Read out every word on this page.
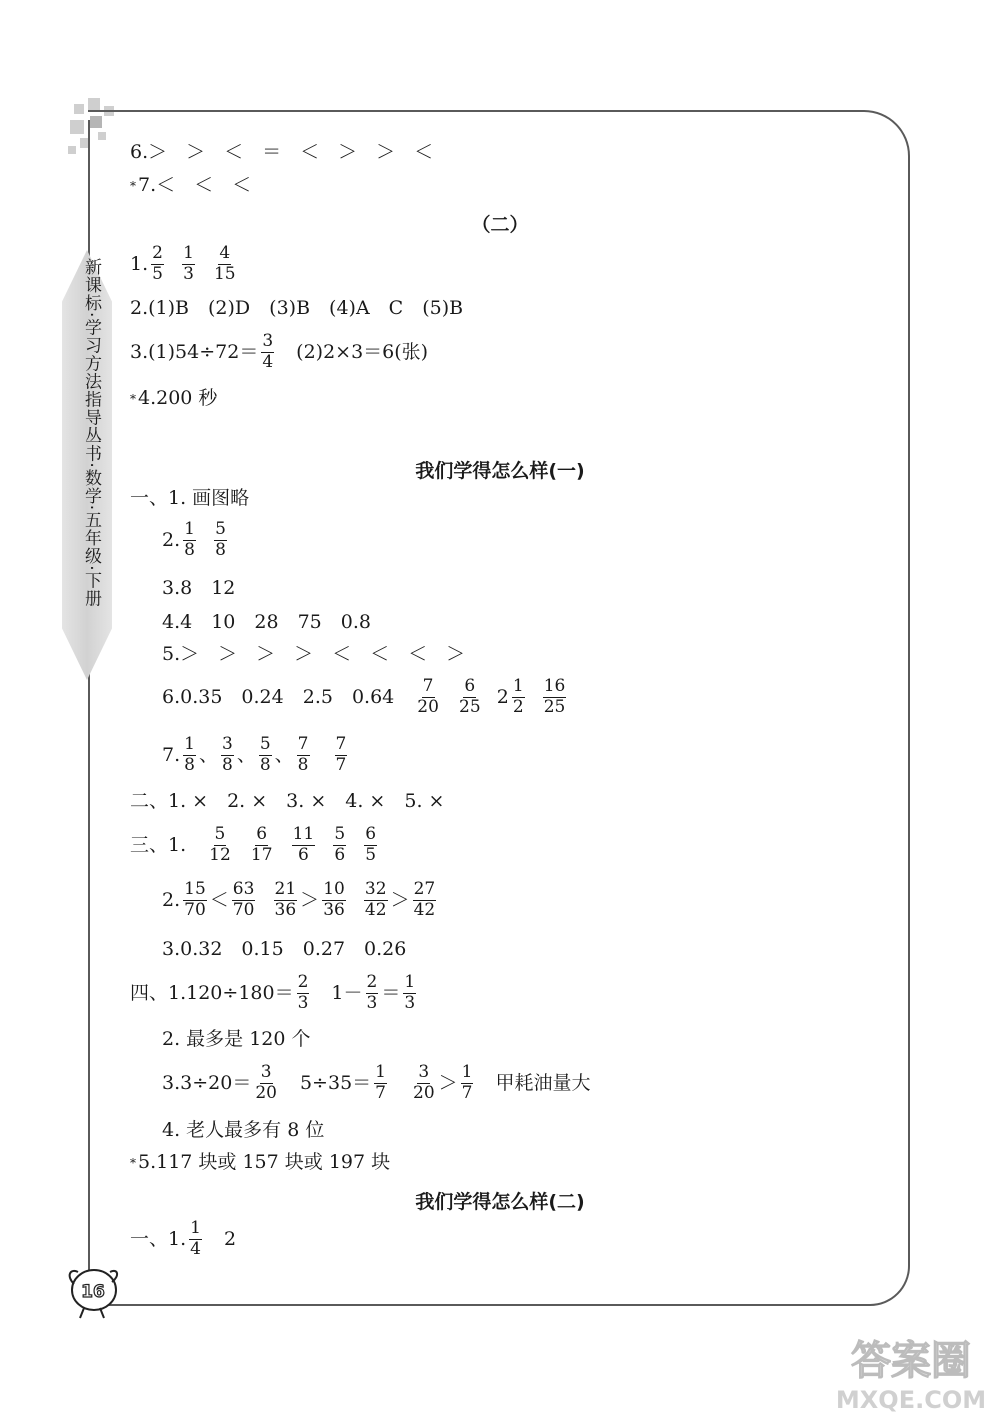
新课标·学习方法指导丛书·数学·五年级·下册
（二）
我们学得怎么样(一)
我们学得怎么样(二)
6.＞　＞　＜　＝　＜　＞　＞　＜
* 7.＜　＜　＜
1. $\frac{2}{5}$
$\frac{1}{3}$
$\frac{4}{15}$
2.(1)B　(2)D　(3)B　(4)A　C　(5)B
$3.(1)54\div 72= \frac{3}{4}$ 　(2)2×3＝6(张)
* 4.200 秒
一、1. 画图略
2. $\frac{1}{8}$
$\frac{5}{8}$
3.8　12
4.4　10　28　75　0.8
5.＞　＞　＞　＞　＜　＜　＜　＞
6.0.35　0.24　2.5　0.64　 $\frac{7}{20}$
$\frac{6}{25} 2 \frac{1}{2}$
$\frac{16}{25}$
7. $\frac{1}{8}$ 、 $\frac{3}{8}$ 、 $\frac{5}{8}$ 、 $\frac{7}{8}$
　 $\frac{7}{7}$
二、1. ×　2. ×　3. ×　4. ×　5. ×
三、1.　 $\frac{5}{12}$
$\frac{6}{17}$
$\frac{11}{6}$
$\frac{5}{6}$
$\frac{6}{5}$
2. $\frac{15}{70} < \frac{63}{70}$
$\frac{21}{36} > \frac{10}{36}$
$\frac{32}{42} > \frac{27}{42}$
3.0.32　0.15　0.27　0.26
四、$1.120\div 180= \frac{2}{3}$ 　$1- \frac{2}{3} = \frac{1}{3}$
2. 最多是 120 个
$3.3\div 20= \frac{3}{20}$ 　$5\div 35= \frac{1}{7}$
　 $\frac{3}{20} > \frac{1}{7}$ 　甲耗油量大
4. 老人最多有 8 位
* 5.117 块或 157 块或 197 块
一、1. $\frac{1}{4}$ 　2
16
答案圈
MXQE.COM
